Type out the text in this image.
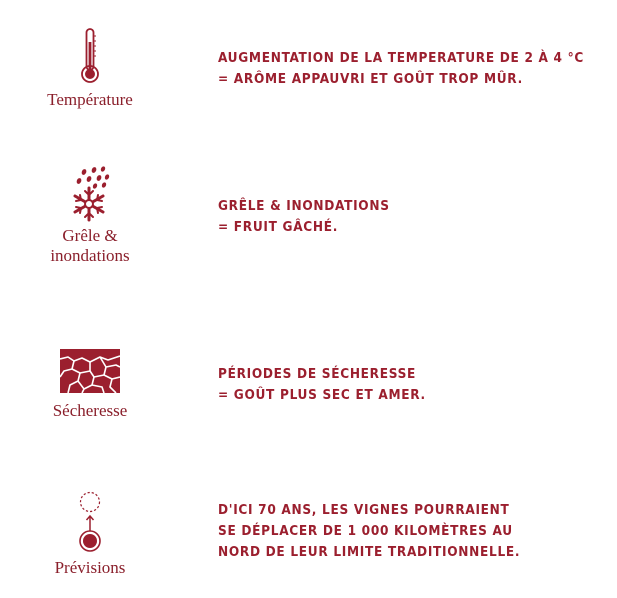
Température
AUGMENTATION DE LA TEMPERATURE DE 2 À 4 °C
= ARÔME APPAUVRI ET GOÛT TROP MÛR.
Grêle &
inondations
GRÊLE & INONDATIONS
= FRUIT GÂCHÉ.
Sécheresse
PÉRIODES DE SÉCHERESSE
= GOÛT PLUS SEC ET AMER.
Prévisions
D'ICI 70 ANS, LES VIGNES POURRAIENT
SE DÉPLACER DE 1 000 KILOMÈTRES AU
NORD DE LEUR LIMITE TRADITIONNELLE.
